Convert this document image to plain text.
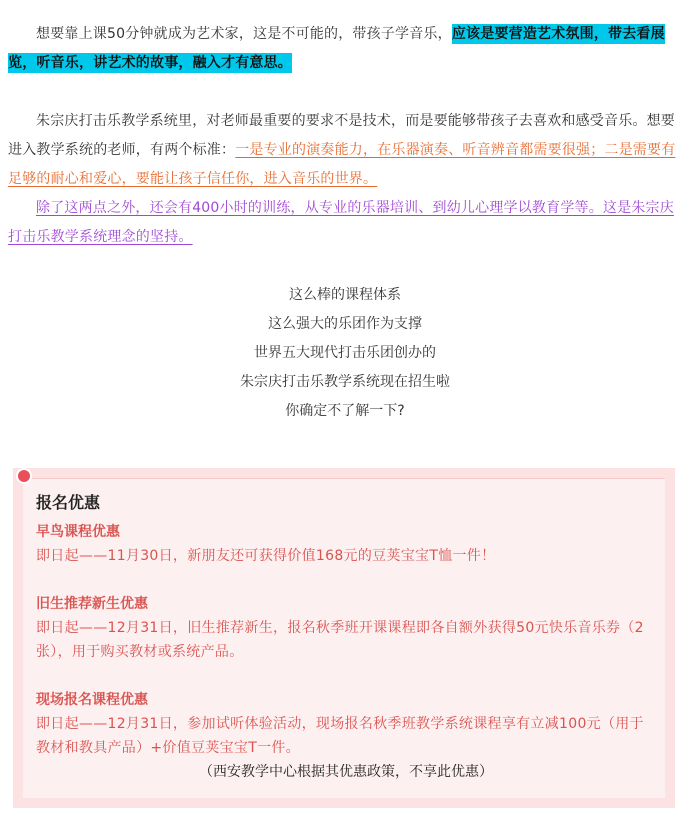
想要靠上课50分钟就成为艺术家，这是不可能的，带孩子学音乐，应该是要营造艺术氛围，带去看展览，听音乐，讲艺术的故事，融入才有意思。

朱宗庆打击乐教学系统里，对老师最重要的要求不是技术，而是要能够带孩子去喜欢和感受音乐。想要进入教学系统的老师，有两个标准：一是专业的演奏能力，在乐器演奏、听音辨音都需要很强；二是需要有足够的耐心和爱心，要能让孩子信任你，进入音乐的世界。

除了这两点之外，还会有400小时的训练，从专业的乐器培训、到幼儿心理学以教育学等。这是朱宗庆打击乐教学系统理念的坚持。

这么棒的课程体系
这么强大的乐团作为支撑
世界五大现代打击乐团创办的
朱宗庆打击乐教学系统现在招生啦
你确定不了解一下?
报名优惠
早鸟课程优惠
即日起——11月30日，新朋友还可获得价值168元的豆荚宝宝T恤一件！
旧生推荐新生优惠
即日起——12月31日，旧生推荐新生，报名秋季班开课课程即各自额外获得50元快乐音乐券（2张），用于购买教材或系统产品。
现场报名课程优惠
即日起——12月31日，参加试听体验活动，现场报名秋季班教学系统课程享有立减100元（用于教材和教具产品）+价值豆荚宝宝T一件。
（西安教学中心根据其优惠政策，不享此优惠）
